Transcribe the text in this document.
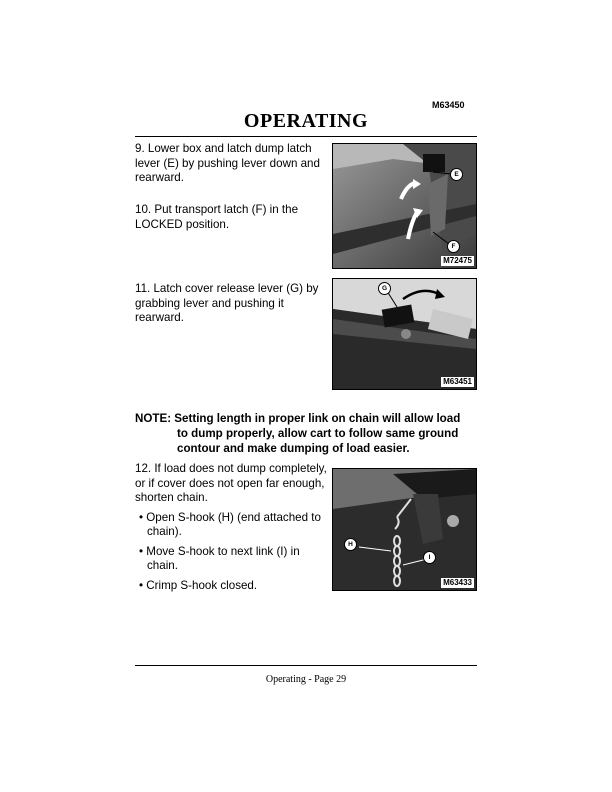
M63450
OPERATING
9. Lower box and latch dump latch lever (E) by pushing lever down and rearward.
10. Put transport latch (F) in the LOCKED position.
E
F
M72475
11. Latch cover release lever (G) by grabbing lever and pushing it rearward.
G
M63451
NOTE: Setting length in proper link on chain will allow load
to dump properly, allow cart to follow same ground
contour and make dumping of load easier.
12. If load does not dump completely, or if cover does not open far enough, shorten chain.
• Open S-hook (H) (end attached to chain).
• Move S-hook to next link (I) in chain.
• Crimp S-hook closed.
H
I
M63433
Operating - Page 29
